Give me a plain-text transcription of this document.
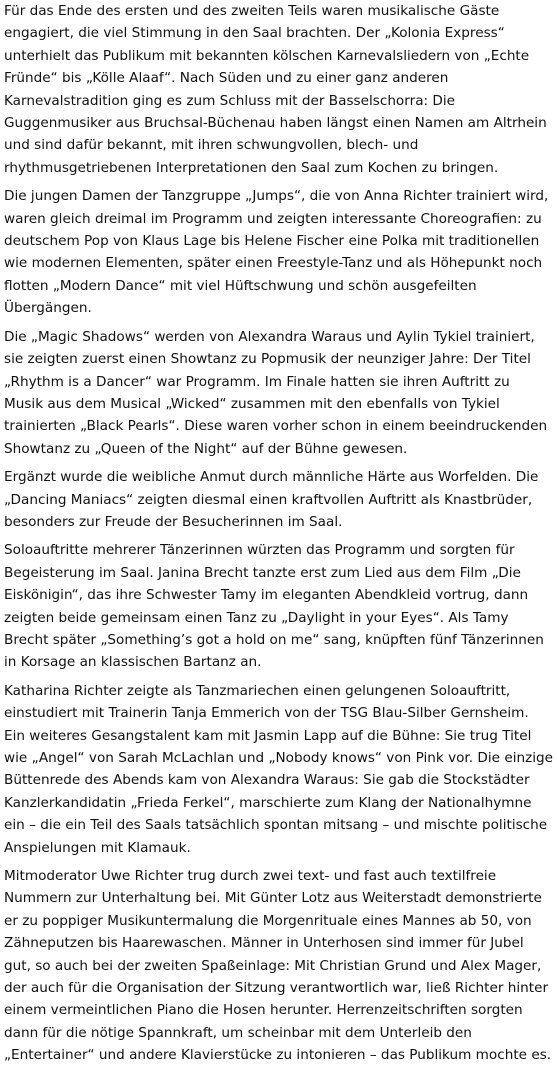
Für das Ende des ersten und des zweiten Teils waren musikalische Gäste engagiert, die viel Stimmung in den Saal brachten. Der „Kolonia Express“ unterhielt das Publikum mit bekannten kölschen Karnevalsliedern von „Echte Fründe“ bis „Kölle Alaaf“. Nach Süden und zu einer ganz anderen Karnevalstradition ging es zum Schluss mit der Basselschorra: Die Guggenmusiker aus Bruchsal-Büchenau haben längst einen Namen am Altrhein und sind dafür bekannt, mit ihren schwungvollen, blech- und rhythmusgetriebenen Interpretationen den Saal zum Kochen zu bringen.

Die jungen Damen der Tanzgruppe „Jumps“, die von Anna Richter trainiert wird, waren gleich dreimal im Programm und zeigten interessante Choreografien: zu deutschem Pop von Klaus Lage bis Helene Fischer eine Polka mit traditionellen wie modernen Elementen, später einen Freestyle-Tanz und als Höhepunkt noch flotten „Modern Dance“ mit viel Hüftschwung und schön ausgefeilten Übergängen.

Die „Magic Shadows“ werden von Alexandra Waraus und Aylin Tykiel trainiert, sie zeigten zuerst einen Showtanz zu Popmusik der neunziger Jahre: Der Titel „Rhythm is a Dancer“ war Programm. Im Finale hatten sie ihren Auftritt zu Musik aus dem Musical „Wicked“ zusammen mit den ebenfalls von Tykiel trainierten „Black Pearls“. Diese waren vorher schon in einem beeindruckenden Showtanz zu „Queen of the Night“ auf der Bühne gewesen.

Ergänzt wurde die weibliche Anmut durch männliche Härte aus Worfelden. Die „Dancing Maniacs“ zeigten diesmal einen kraftvollen Auftritt als Knastbrüder, besonders zur Freude der Besucherinnen im Saal.

Soloauftritte mehrerer Tänzerinnen würzten das Programm und sorgten für Begeisterung im Saal. Janina Brecht tanzte erst zum Lied aus dem Film „Die Eiskönigin“, das ihre Schwester Tamy im eleganten Abendkleid vortrug, dann zeigten beide gemeinsam einen Tanz zu „Daylight in your Eyes“. Als Tamy Brecht später „Something’s got a hold on me“ sang, knüpften fünf Tänzerinnen in Korsage an klassischen Bartanz an.

Katharina Richter zeigte als Tanzmariechen einen gelungenen Soloauftritt, einstudiert mit Trainerin Tanja Emmerich von der TSG Blau-Silber Gernsheim. Ein weiteres Gesangstalent kam mit Jasmin Lapp auf die Bühne: Sie trug Titel wie „Angel“ von Sarah McLachlan und „Nobody knows“ von Pink vor. Die einzige Büttenrede des Abends kam von Alexandra Waraus: Sie gab die Stockstädter Kanzlerkandidatin „Frieda Ferkel“, marschierte zum Klang der Nationalhymne ein – die ein Teil des Saals tatsächlich spontan mitsang – und mischte politische Anspielungen mit Klamauk.

Mitmoderator Uwe Richter trug durch zwei text- und fast auch textilfreie Nummern zur Unterhaltung bei. Mit Günter Lotz aus Weiterstadt demonstrierte er zu poppiger Musikuntermalung die Morgenrituale eines Mannes ab 50, von Zähneputzen bis Haarewaschen. Männer in Unterhosen sind immer für Jubel gut, so auch bei der zweiten Spaßeinlage: Mit Christian Grund und Alex Mager, der auch für die Organisation der Sitzung verantwortlich war, ließ Richter hinter einem vermeintlichen Piano die Hosen herunter. Herrenzeitschriften sorgten dann für die nötige Spannkraft, um scheinbar mit dem Unterleib den „Entertainer“ und andere Klavierstücke zu intonieren – das Publikum mochte es.
